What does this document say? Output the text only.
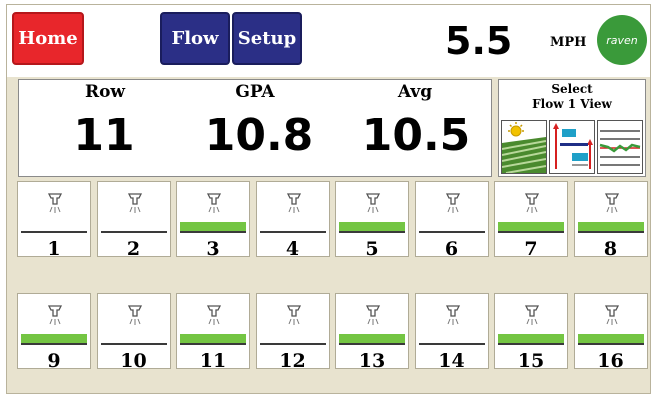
Home	Flow	Setup	5.5	MPH raven
Row	GPA	Avg
11	10.8	10.5
Select
Flow 1 View
1	2	3	4	5	6	7	8
9	10	11	12	13	14	15	16
